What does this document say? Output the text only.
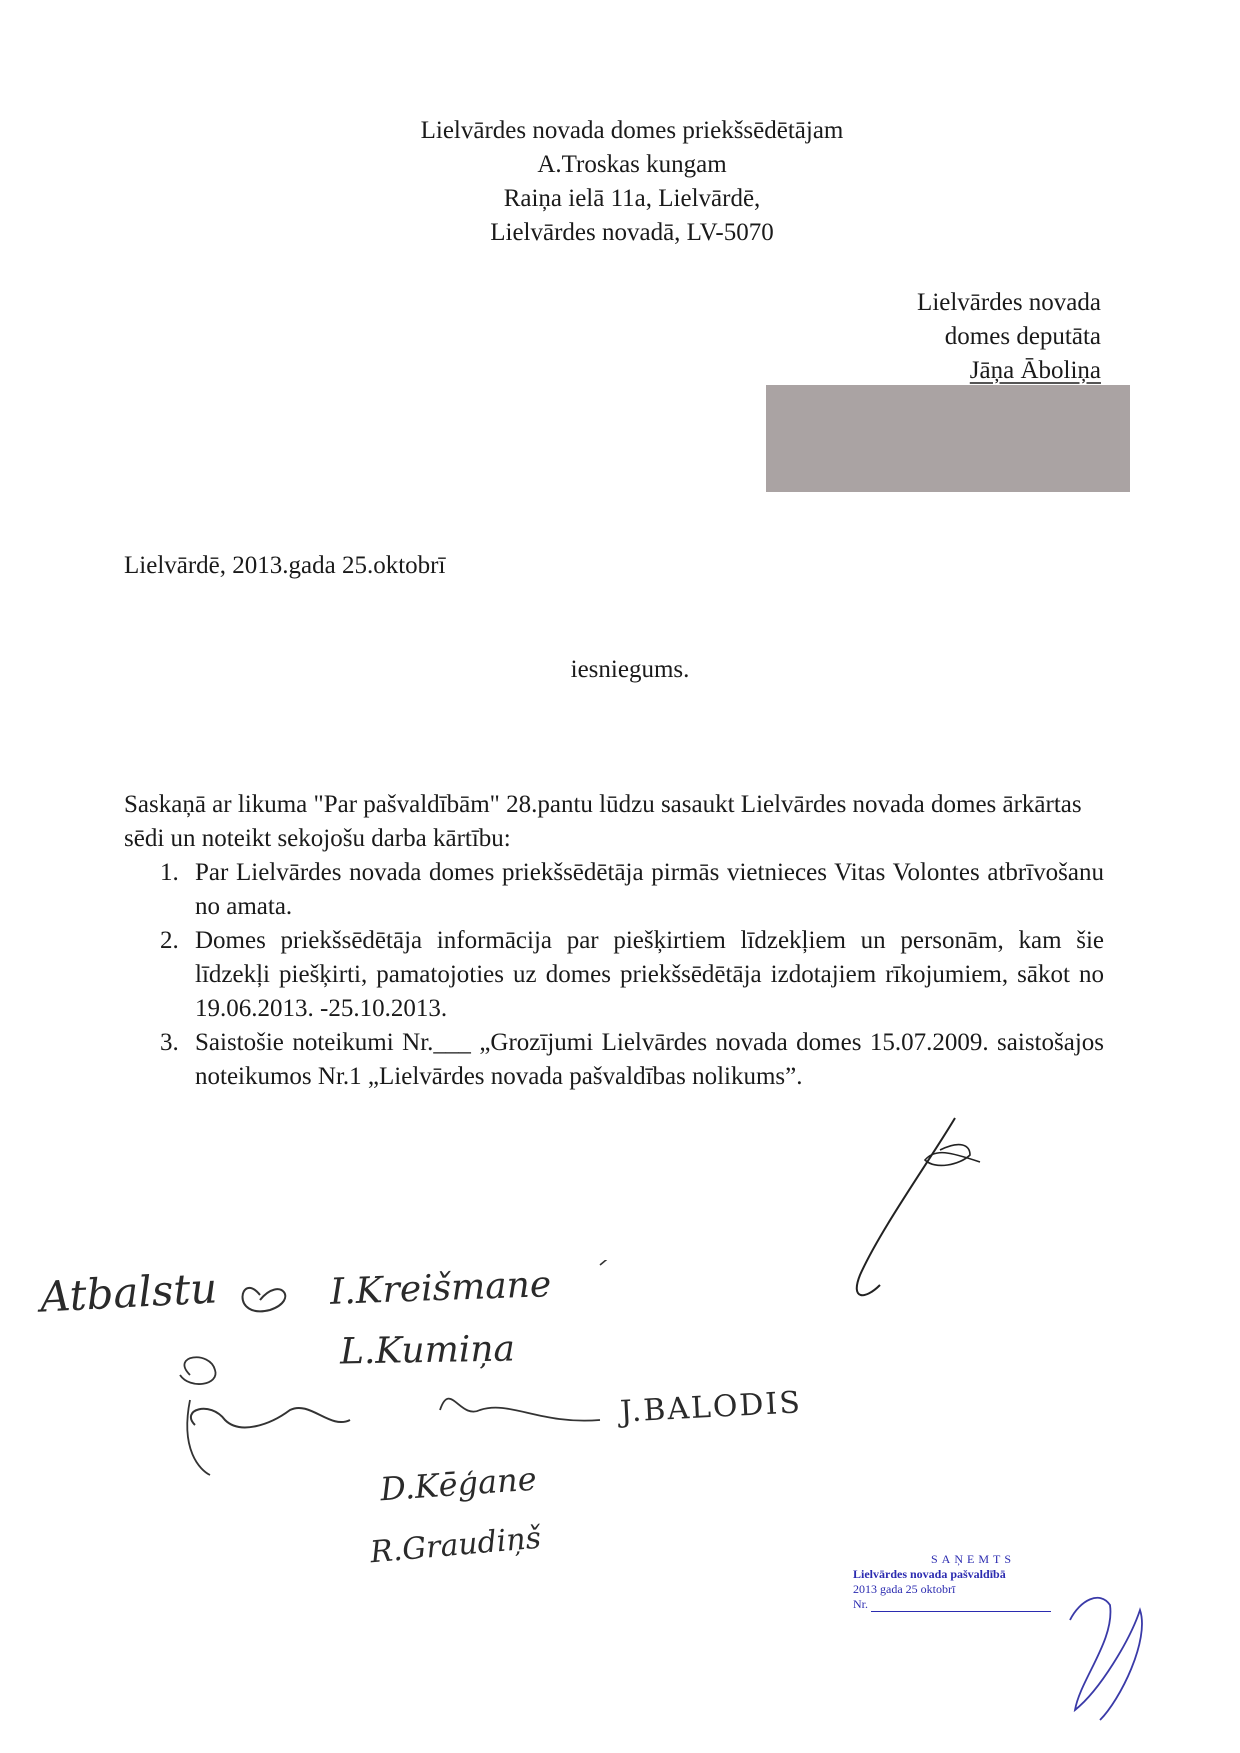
Lielvārdes novada domes priekšsēdētājam
A.Troskas kungam
Raiņa ielā 11a, Lielvārdē,
Lielvārdes novadā, LV-5070
Lielvārdes novada
domes deputāta
Jāņa Āboliņa
Lielvārdē, 2013.gada 25.oktobrī
iesniegums.
Saskaņā ar likuma "Par pašvaldībām" 28.pantu lūdzu sasaukt Lielvārdes novada domes ārkārtas sēdi un noteikt sekojošu darba kārtību:
1. Par Lielvārdes novada domes priekšsēdētāja pirmās vietnieces Vitas Volontes atbrīvošanu no amata.
2. Domes priekšsēdētāja informācija par piešķirtiem līdzekļiem un personām, kam šie līdzekļi piešķirti, pamatojoties uz domes priekšsēdētāja izdotajiem rīkojumiem, sākot no 19.06.2013. -25.10.2013.
3. Saistošie noteikumi Nr.___ „Grozījumi Lielvārdes novada domes 15.07.2009. saistošajos noteikumos Nr.1 „Lielvārdes novada pašvaldības nolikums”.
Atbalstu	I.Kreišmane
L.Kumiņa
J.BALODIS
D.Kēģane
R.Graudiņš	SAŅEMTS
Lielvārdes novada pašvaldībā
2013 gada 25 oktobrī
Nr.
